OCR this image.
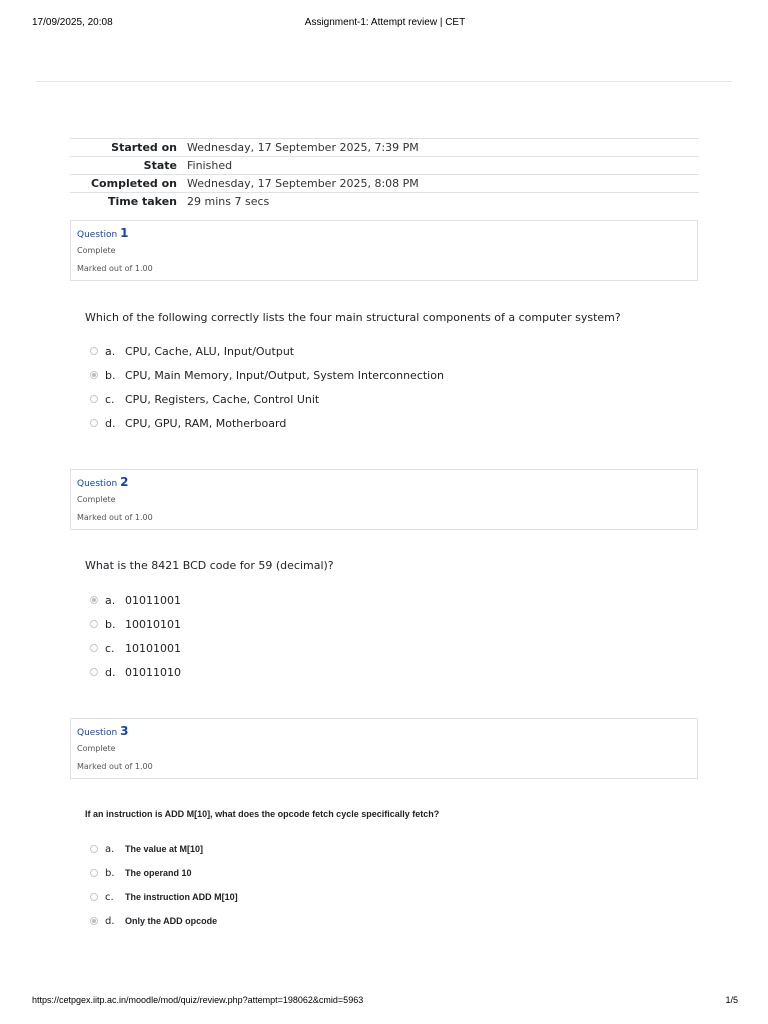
17/09/2025, 20:08	Assignment-1: Attempt review | CET
Started on	Wednesday, 17 September 2025, 7:39 PM
State	Finished
Completed on	Wednesday, 17 September 2025, 8:08 PM
Time taken	29 mins 7 secs
Question 1
Complete
Marked out of 1.00
Which of the following correctly lists the four main structural components of a computer system?
a. CPU, Cache, ALU, Input/Output
b. CPU, Main Memory, Input/Output, System Interconnection
c. CPU, Registers, Cache, Control Unit
d. CPU, GPU, RAM, Motherboard
Question 2
Complete
Marked out of 1.00
What is the 8421 BCD code for 59 (decimal)?
a. 01011001
b. 10010101
c. 10101001
d. 01011010
Question 3
Complete
Marked out of 1.00
If an instruction is ADD M[10], what does the opcode fetch cycle specifically fetch?
a.	The value at M[10]
b.	The operand 10
c.	The instruction ADD M[10]
d.	Only the ADD opcode
https://cetpgex.iitp.ac.in/moodle/mod/quiz/review.php?attempt=198062&cmid=5963	1/5
